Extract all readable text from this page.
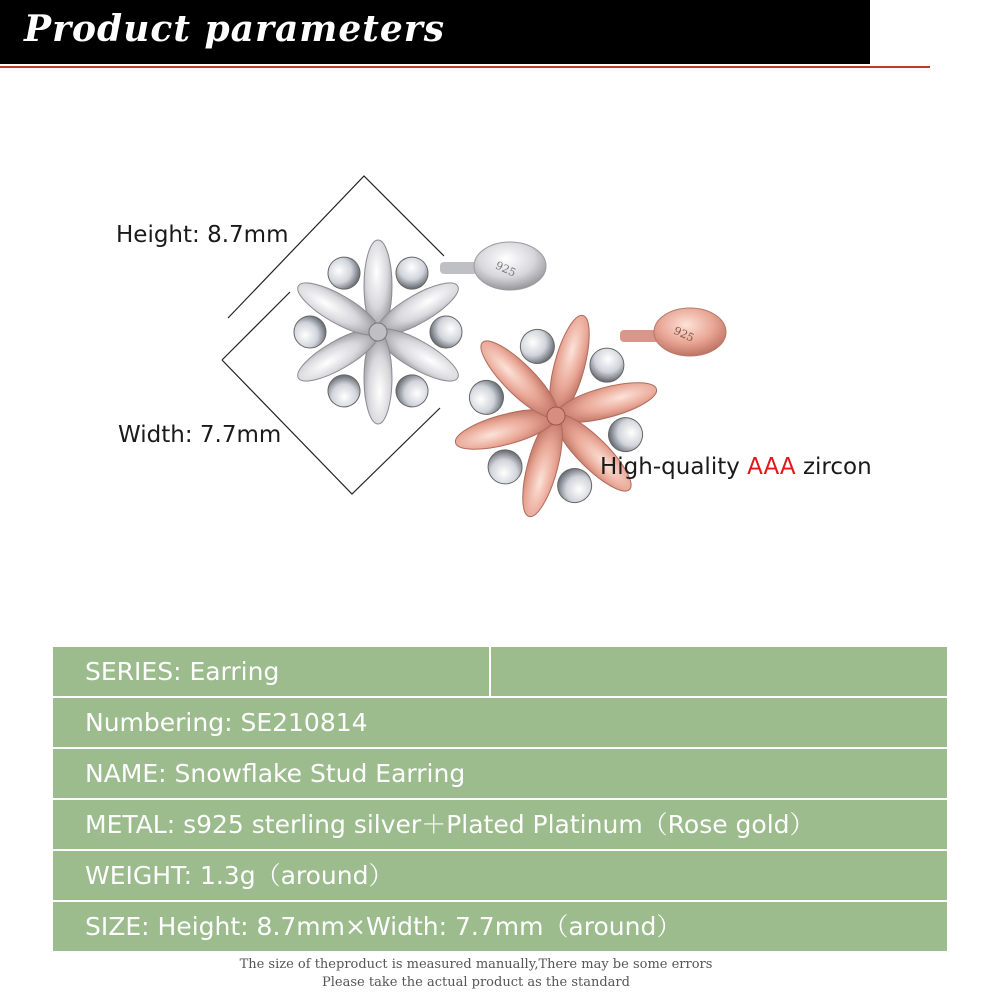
Product parameters
925
925
Height: 8.7mm
Width: 7.7mm
High-quality AAA zircon
SERIES: Earring
Numbering: SE210814
NAME: Snowflake Stud Earring
METAL: s925 sterling silver＋Plated Platinum（Rose gold）
WEIGHT: 1.3g（around）
SIZE: Height: 8.7mm×Width: 7.7mm（around）
The size of theproduct is measured manually,There may be some errors
Please take the actual product as the standard
